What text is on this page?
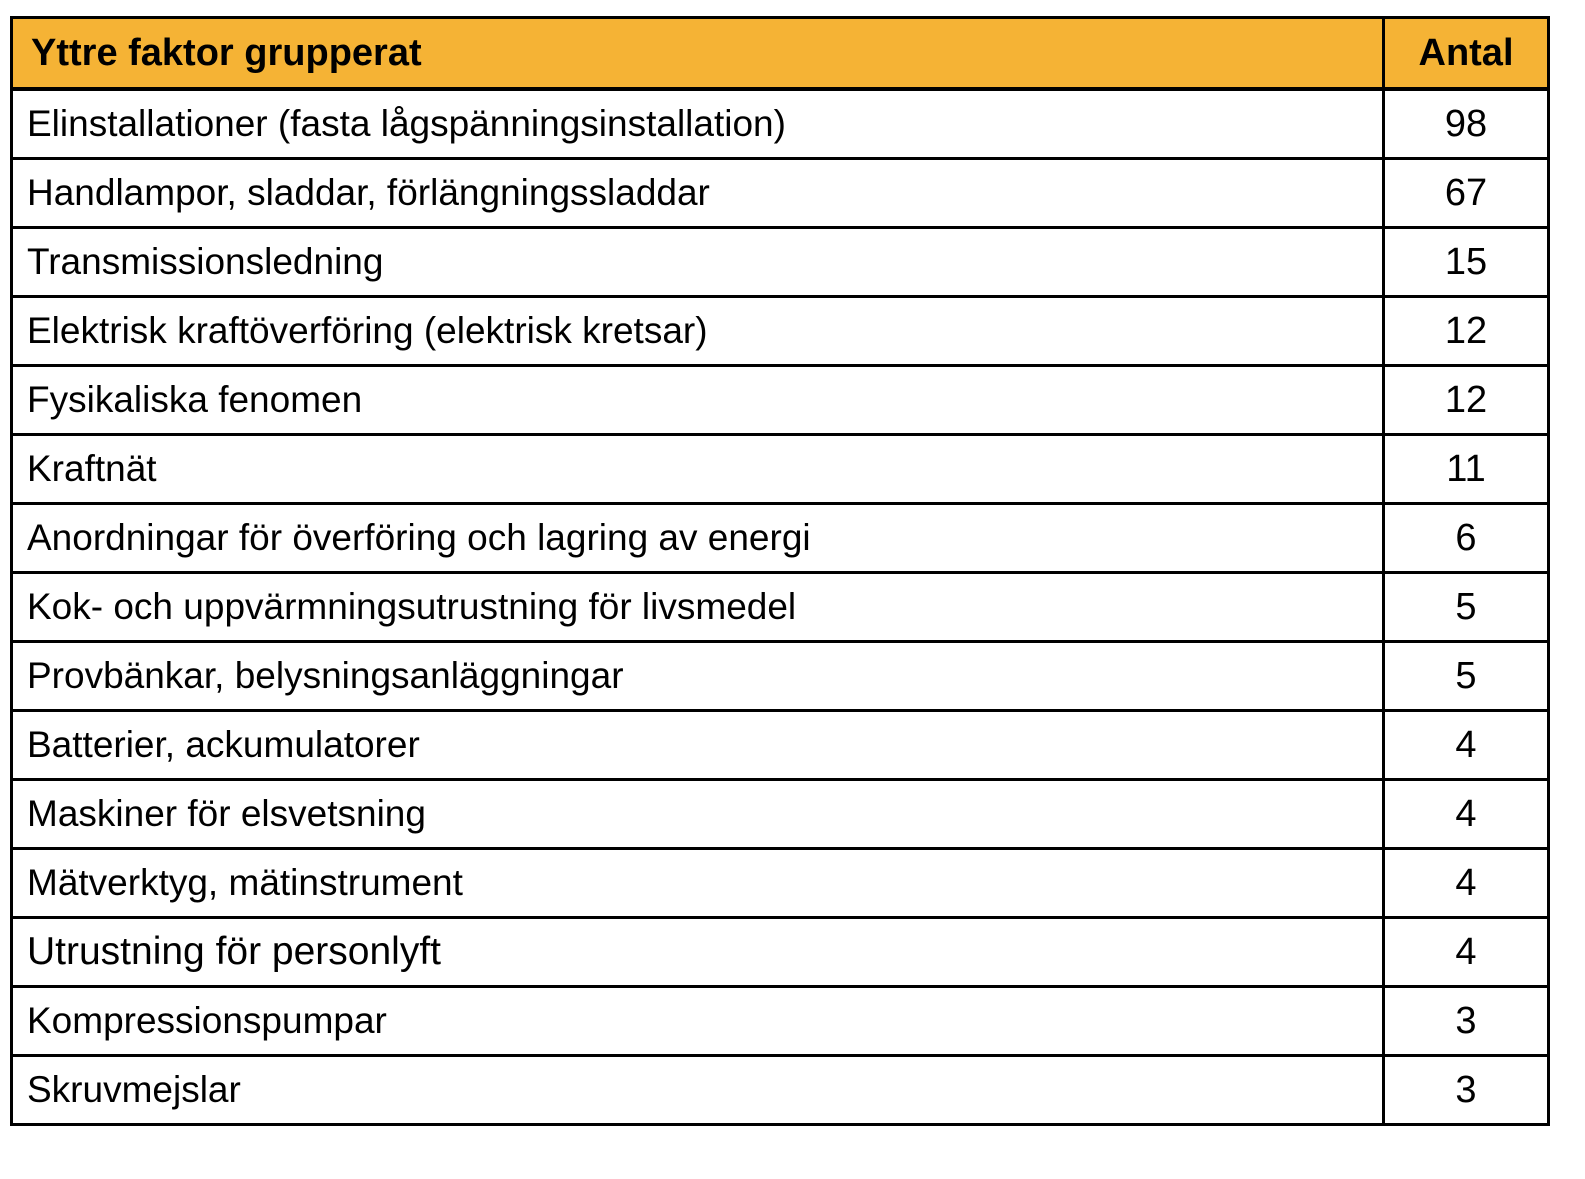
Yttre faktor grupperat	Antal
Elinstallationer (fasta lågspänningsinstallation)	98
Handlampor, sladdar, förlängningssladdar	67
Transmissionsledning	15
Elektrisk kraftöverföring (elektrisk kretsar)	12
Fysikaliska fenomen	12
Kraftnät	11
Anordningar för överföring och lagring av energi	6
Kok- och uppvärmningsutrustning för livsmedel	5
Provbänkar, belysningsanläggningar	5
Batterier, ackumulatorer	4
Maskiner för elsvetsning	4
Mätverktyg, mätinstrument	4
Utrustning för personlyft	4
Kompressionspumpar	3
Skruvmejslar	3
